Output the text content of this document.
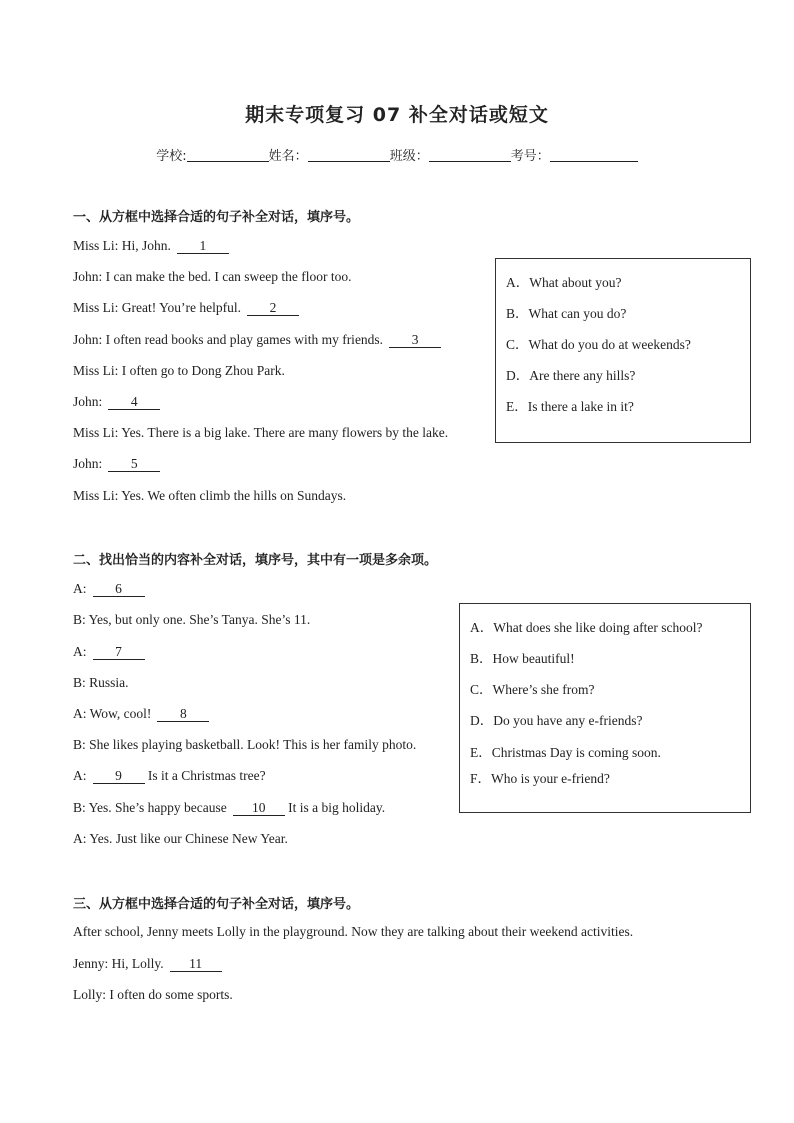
期末专项复习 07 补全对话或短文
学校:	姓名：	班级：	考号：
一、从方框中选择合适的句子补全对话，填序号。
Miss Li: Hi, John. 1
John: I can make the bed. I can sweep the floor too.
Miss Li: Great! You’re helpful. 2
John: I often read books and play games with my friends. 3
Miss Li: I often go to Dong Zhou Park.
John: 4
Miss Li: Yes. There is a big lake. There are many flowers by the lake.
John: 5
Miss Li: Yes. We often climb the hills on Sundays.
A．What about you?
B．What can you do?
C．What do you do at weekends?
D．Are there any hills?
E．Is there a lake in it?
二、找出恰当的内容补全对话，填序号，其中有一项是多余项。
A: 6
B: Yes, but only one. She’s Tanya. She’s 11.
A: 7
B: Russia.
A: Wow, cool! 8
B: She likes playing basketball. Look! This is her family photo.
A: 9 Is it a Christmas tree?
B: Yes. She’s happy because 10 It is a big holiday.
A: Yes. Just like our Chinese New Year.
A．What does she like doing after school?
B．How beautiful!
C．Where’s she from?
D．Do you have any e-friends?
E．Christmas Day is coming soon.
F．Who is your e-friend?
三、从方框中选择合适的句子补全对话，填序号。
After school, Jenny meets Lolly in the playground. Now they are talking about their weekend activities.
Jenny: Hi, Lolly. 11
Lolly: I often do some sports.
